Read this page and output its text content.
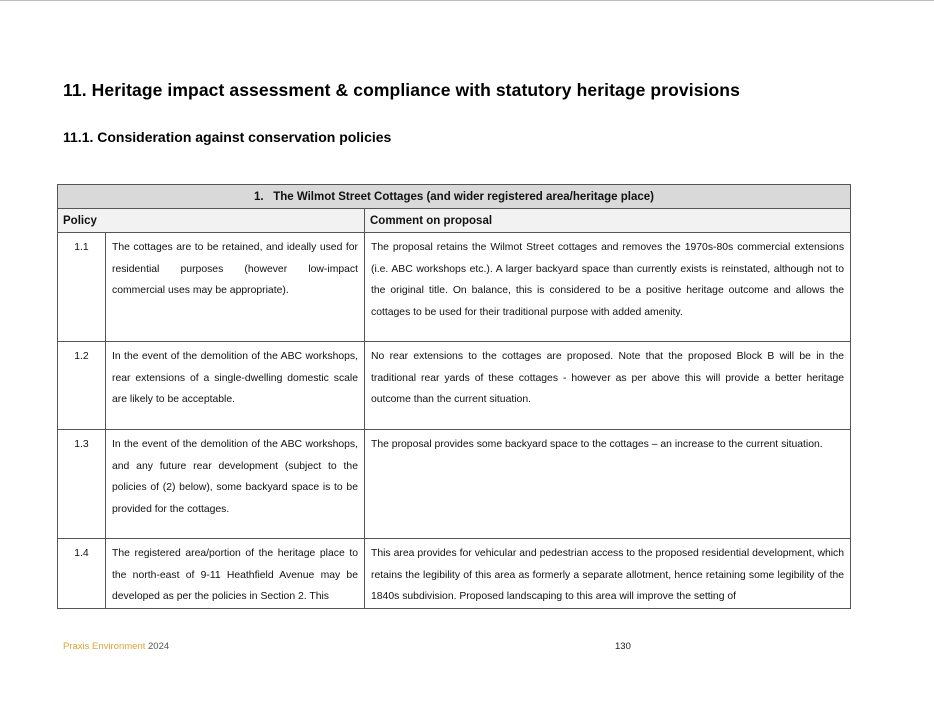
11. Heritage impact assessment & compliance with statutory heritage provisions
11.1. Consideration against conservation policies
1.   The Wilmot Street Cottages (and wider registered area/heritage place)		
Policy		Comment on proposal
1.1	The cottages are to be retained, and ideally used for residential purposes (however low-impact commercial uses may be appropriate).	The proposal retains the Wilmot Street cottages and removes the 1970s-80s commercial extensions (i.e. ABC workshops etc.). A larger backyard space than currently exists is reinstated, although not to the original title. On balance, this is considered to be a positive heritage outcome and allows the cottages to be used for their traditional purpose with added amenity.
1.2	In the event of the demolition of the ABC workshops, rear extensions of a single-dwelling domestic scale are likely to be acceptable.	No rear extensions to the cottages are proposed. Note that the proposed Block B will be in the traditional rear yards of these cottages - however as per above this will provide a better heritage outcome than the current situation.
1.3	In the event of the demolition of the ABC workshops, and any future rear development (subject to the policies of (2) below), some backyard space is to be provided for the cottages.	The proposal provides some backyard space to the cottages – an increase to the current situation.
1.4	The registered area/portion of the heritage place to the north-east of 9-11 Heathfield Avenue may be developed as per the policies in Section 2. This	This area provides for vehicular and pedestrian access to the proposed residential development, which retains the legibility of this area as formerly a separate allotment, hence retaining some legibility of the 1840s subdivision. Proposed landscaping to this area will improve the setting of
Praxis Environment 2024	130
